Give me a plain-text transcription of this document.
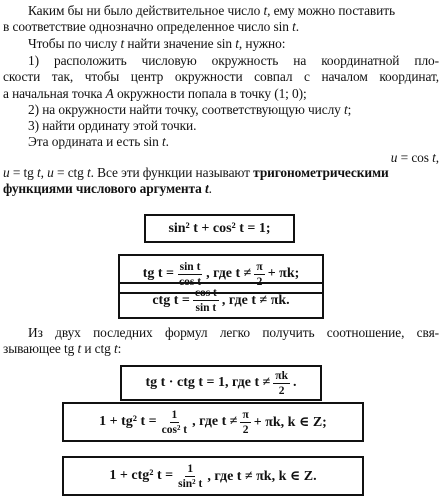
Каким бы ни было действительное число t, ему можно поставить
в соответствие однозначно определенное число sin t.
Чтобы по числу t найти значение sin t, нужно:
1) расположить числовую окружность на координатной пло-
скости так, чтобы центр окружности совпал с началом координат,
а начальная точка A окружности попала в точку (1; 0);
2) на окружности найти точку, соответствующую числу t;
3) найти ординату этой точки.
Эта ордината и есть sin t.
u = cos t,
u = tg t, u = ctg t. Все эти функции называют тригонометрическими
функциями числового аргумента t.
sin² t + cos² t = 1;
tg $t = \frac{\text{sin t}}{\text{cos t}}$ , где $t \ne \frac{\pi}{2} + \pi k$;
ctg $t = \frac{\text{cos t}}{\text{sin t}}$ , где t ≠ πk.
Из двух последних формул легко получить соотношение, свя-
зывающее tg t и ctg t:
tg t · ctg t = 1, где $t \ne \frac{\pi k}{2}$ .
1 + tg² $t = \frac{1}{\text{cos² t}}$ , где $t \ne \frac{\pi}{2} + \pi k$, k ∈ Z;
1 + ctg² $t = \frac{1}{\text{sin² t}}$ , где t ≠ πk, k ∈ Z.
